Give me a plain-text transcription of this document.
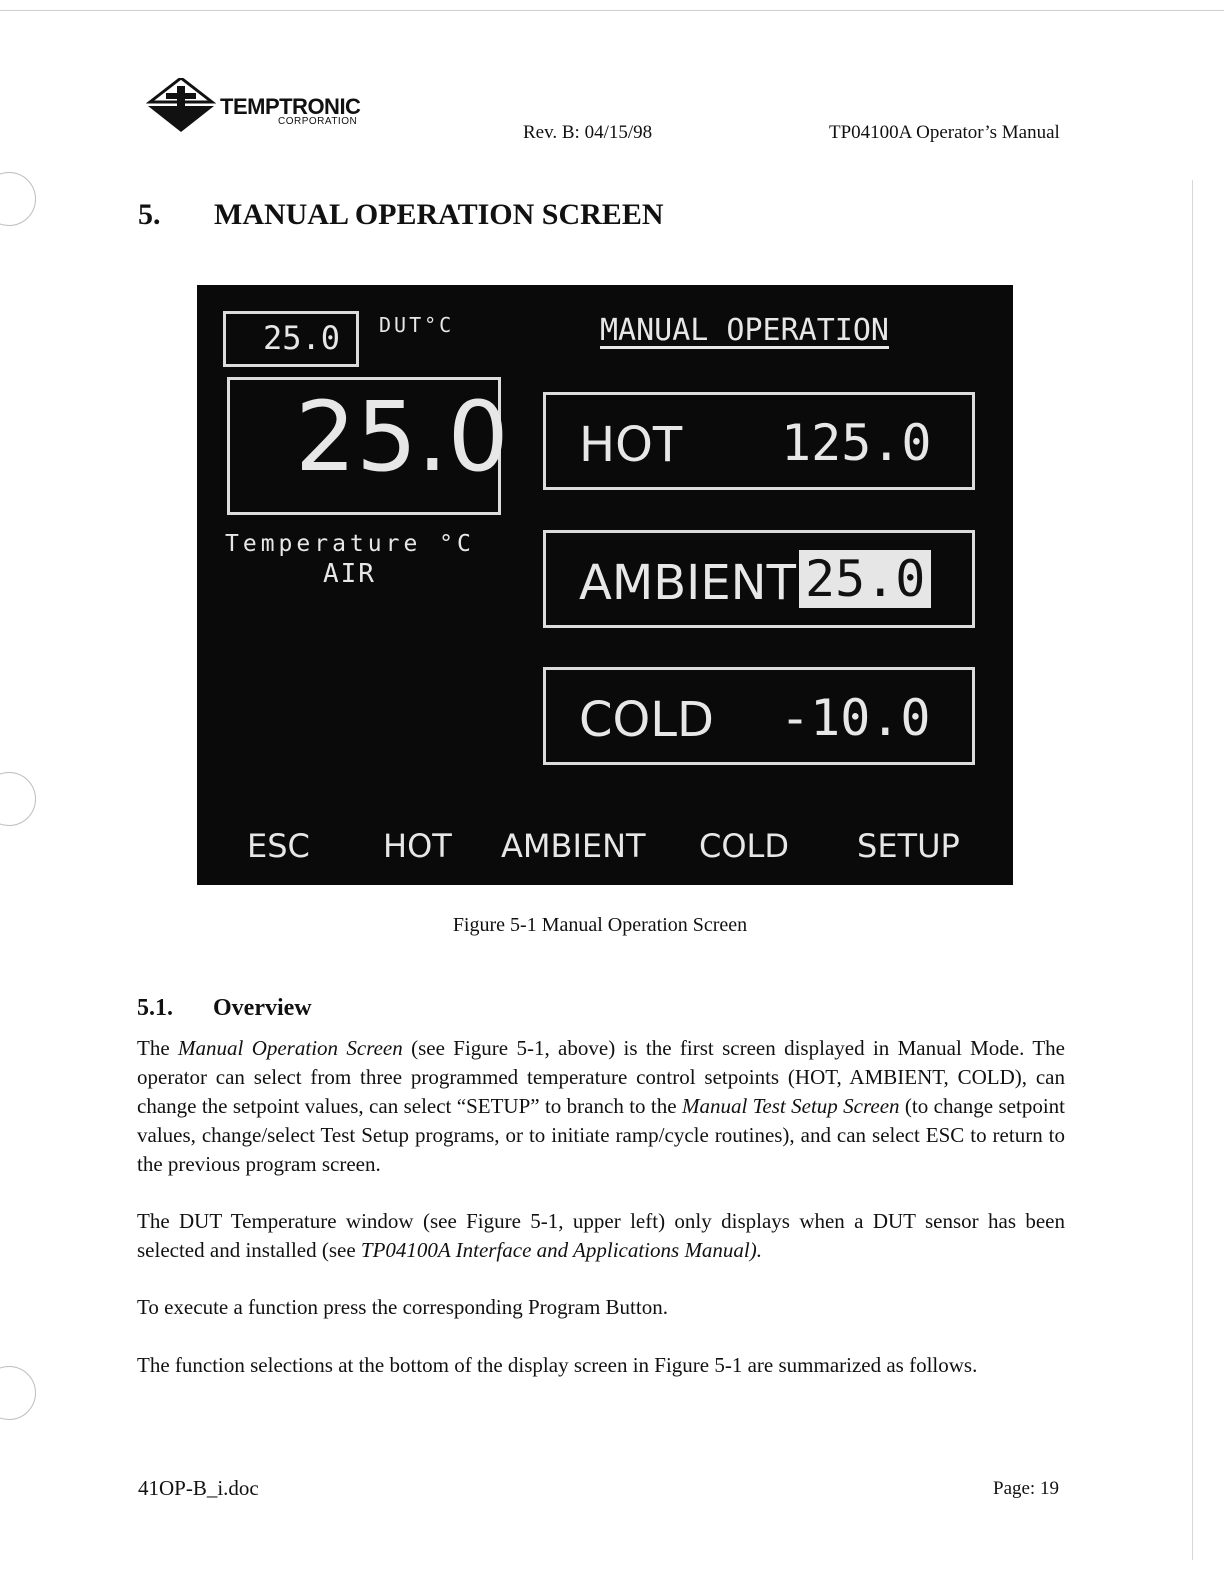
TEMPTRONIC
CORPORATION
Rev. B: 04/15/98	TP04100A Operator’s Manual
5. MANUAL OPERATION SCREEN
25.0 DUT°C	MANUAL OPERATION
25.0
Temperature °C
AIR
HOT 125.0
AMBIENT 25.0
COLD -10.0
ESC HOT AMBIENT COLD SETUP
Figure 5-1 Manual Operation Screen
5.1. Overview

The Manual Operation Screen (see Figure 5-1, above) is the first screen displayed in Manual Mode. The operator can select from three programmed temperature control setpoints (HOT, AMBIENT, COLD), can change the setpoint values, can select “SETUP” to branch to the Manual Test Setup Screen (to change setpoint values, change/select Test Setup programs, or to initiate ramp/cycle routines), and can select ESC to return to the previous program screen.

The DUT Temperature window (see Figure 5-1, upper left) only displays when a DUT sensor has been selected and installed (see TP04100A Interface and Applications Manual).

To execute a function press the corresponding Program Button.

The function selections at the bottom of the display screen in Figure 5-1 are summarized as follows.

41OP-B_i.doc	Page: 19
